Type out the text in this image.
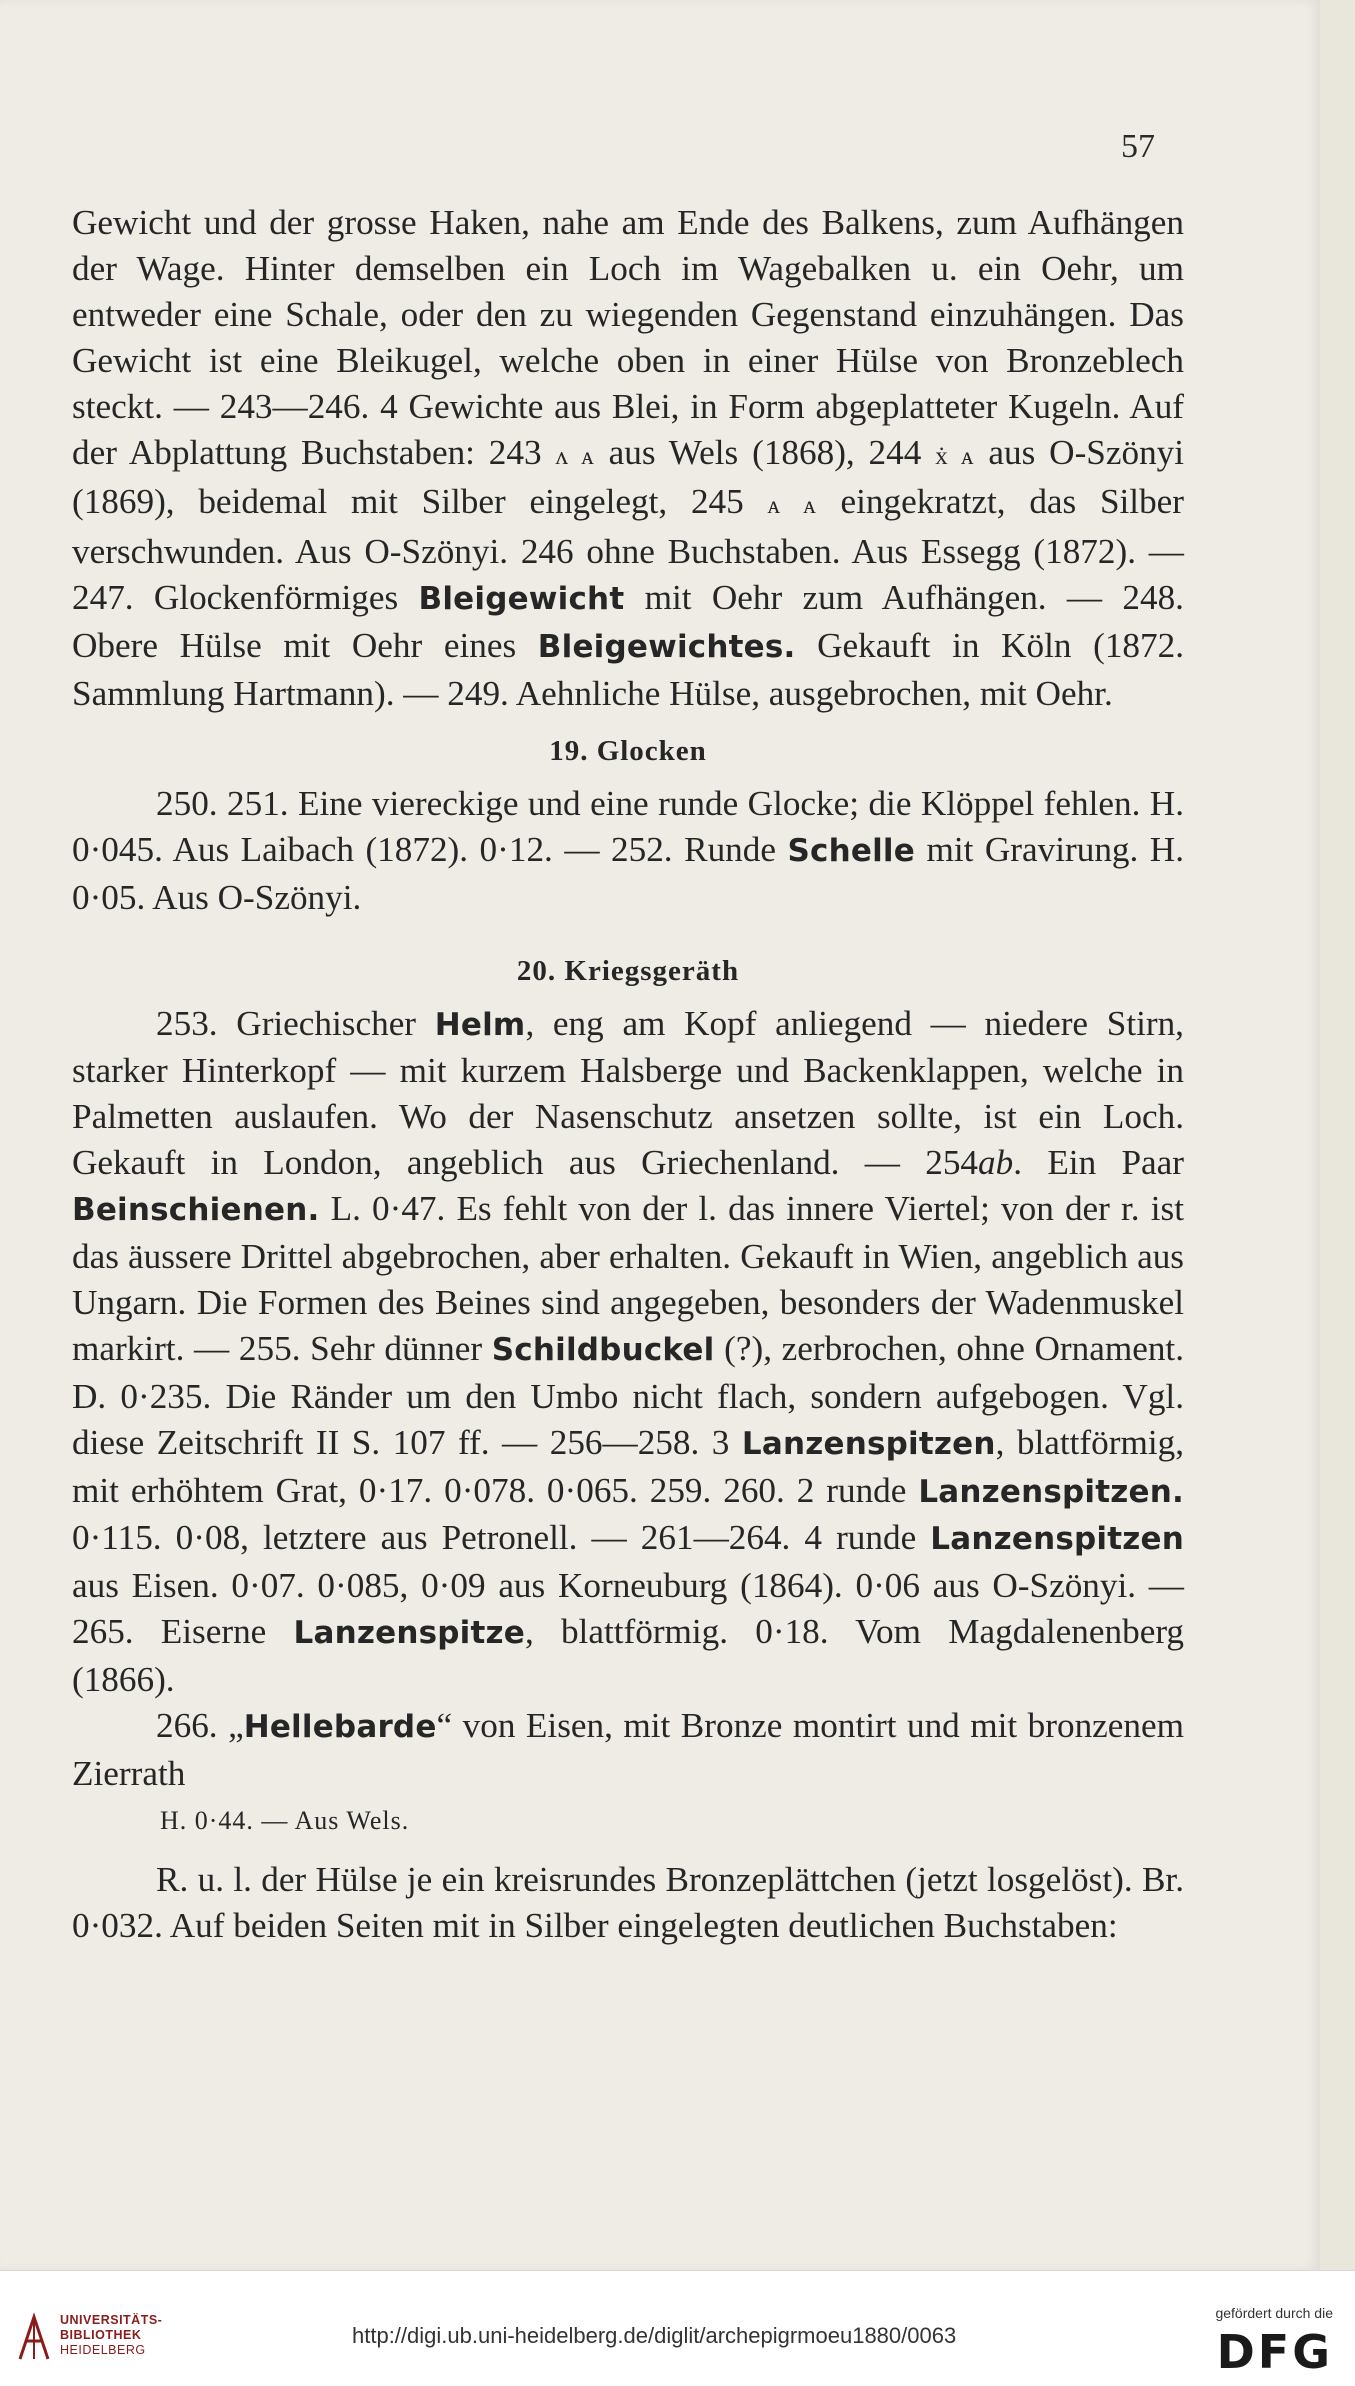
57

Gewicht und der grosse Haken, nahe am Ende des Balkens, zum Aufhängen der Wage. Hinter demselben ein Loch im Wagebalken u. ein Oehr, um entweder eine Schale, oder den zu wiegenden Gegenstand einzuhängen. Das Gewicht ist eine Bleikugel, welche oben in einer Hülse von Bronzeblech steckt. — 243—246. 4 Gewichte aus Blei, in Form abgeplatteter Kugeln. Auf der Abplattung Buchstaben: 243 ʌ ᴀ aus Wels (1868), 244 ẋ ᴀ aus O-Szönyi (1869), beidemal mit Silber eingelegt, 245 ᴀ ᴀ eingekratzt, das Silber verschwunden. Aus O-Szönyi. 246 ohne Buchstaben. Aus Essegg (1872). — 247. Glockenförmiges Bleigewicht mit Oehr zum Aufhängen. — 248. Obere Hülse mit Oehr eines Bleigewichtes. Gekauft in Köln (1872. Sammlung Hartmann). — 249. Aehnliche Hülse, ausgebrochen, mit Oehr.

19. Glocken

250. 251. Eine viereckige und eine runde Glocke; die Klöppel fehlen. H. 0·045. Aus Laibach (1872). 0·12. — 252. Runde Schelle mit Gravirung. H. 0·05. Aus O-Szönyi.

20. Kriegsgeräth

253. Griechischer Helm, eng am Kopf anliegend — niedere Stirn, starker Hinterkopf — mit kurzem Halsberge und Backenklappen, welche in Palmetten auslaufen. Wo der Nasenschutz ansetzen sollte, ist ein Loch. Gekauft in London, angeblich aus Griechenland. — 254ab. Ein Paar Beinschienen. L. 0·47. Es fehlt von der l. das innere Viertel; von der r. ist das äussere Drittel abgebrochen, aber erhalten. Gekauft in Wien, angeblich aus Ungarn. Die Formen des Beines sind angegeben, besonders der Wadenmuskel markirt. — 255. Sehr dünner Schildbuckel (?), zerbrochen, ohne Ornament. D. 0·235. Die Ränder um den Umbo nicht flach, sondern aufgebogen. Vgl. diese Zeitschrift II S. 107 ff. — 256—258. 3 Lanzenspitzen, blattförmig, mit erhöhtem Grat, 0·17. 0·078. 0·065. 259. 260. 2 runde Lanzenspitzen. 0·115. 0·08, letztere aus Petronell. — 261—264. 4 runde Lanzenspitzen aus Eisen. 0·07. 0·085, 0·09 aus Korneuburg (1864). 0·06 aus O-Szönyi. — 265. Eiserne Lanzenspitze, blattförmig. 0·18. Vom Magdalenenberg (1866).

266. „Hellebarde“ von Eisen, mit Bronze montirt und mit bronzenem Zierrath

H. 0·44. — Aus Wels.

R. u. l. der Hülse je ein kreisrundes Bronzeplättchen (jetzt losgelöst). Br. 0·032. Auf beiden Seiten mit in Silber eingelegten deutlichen Buchstaben:

UNIVERSITÄTS-
BIBLIOTHEK
HEIDELBERG
http://digi.ub.uni-heidelberg.de/diglit/archepigrmoeu1880/0063
gefördert durch die
DFG
